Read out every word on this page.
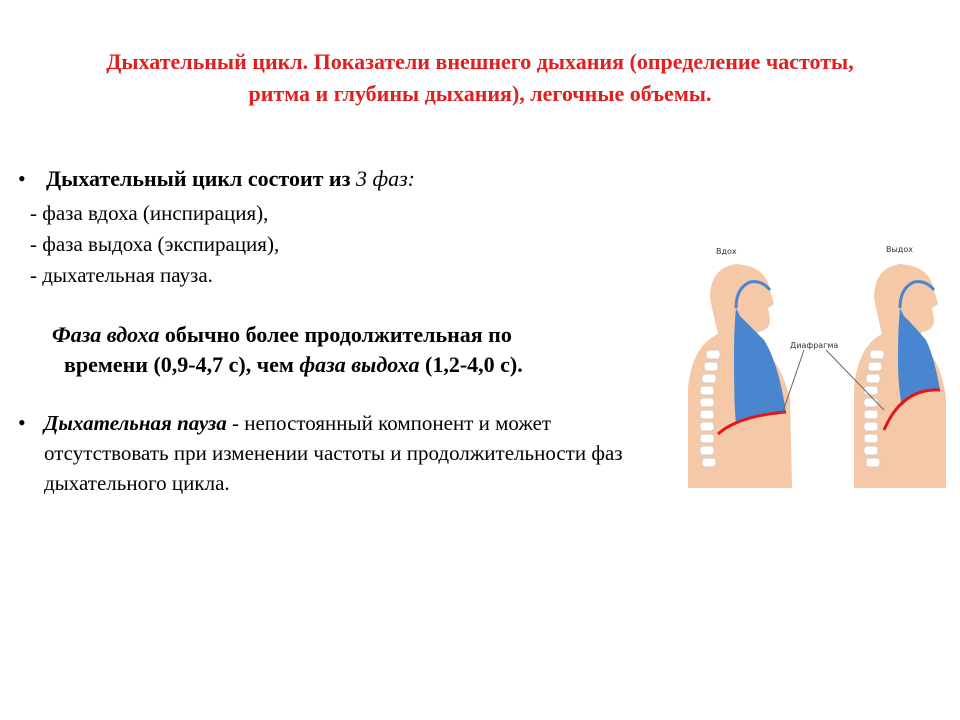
Дыхательный цикл. Показатели внешнего дыхания (определение частоты,
ритма и глубины дыхания), легочные объемы.
• Дыхательный цикл состоит из 3 фаз:
- фаза вдоха (инспирация),
- фаза выдоха (экспирация),
- дыхательная пауза.
Фаза вдоха обычно более продолжительная по
времени (0,9-4,7 с), чем фаза выдоха (1,2-4,0 с).
• Дыхательная пауза - непостоянный компонент и может отсутствовать при изменении частоты и продолжительности фаз дыхательного цикла.
Вдох	Выдох
Диафрагма
